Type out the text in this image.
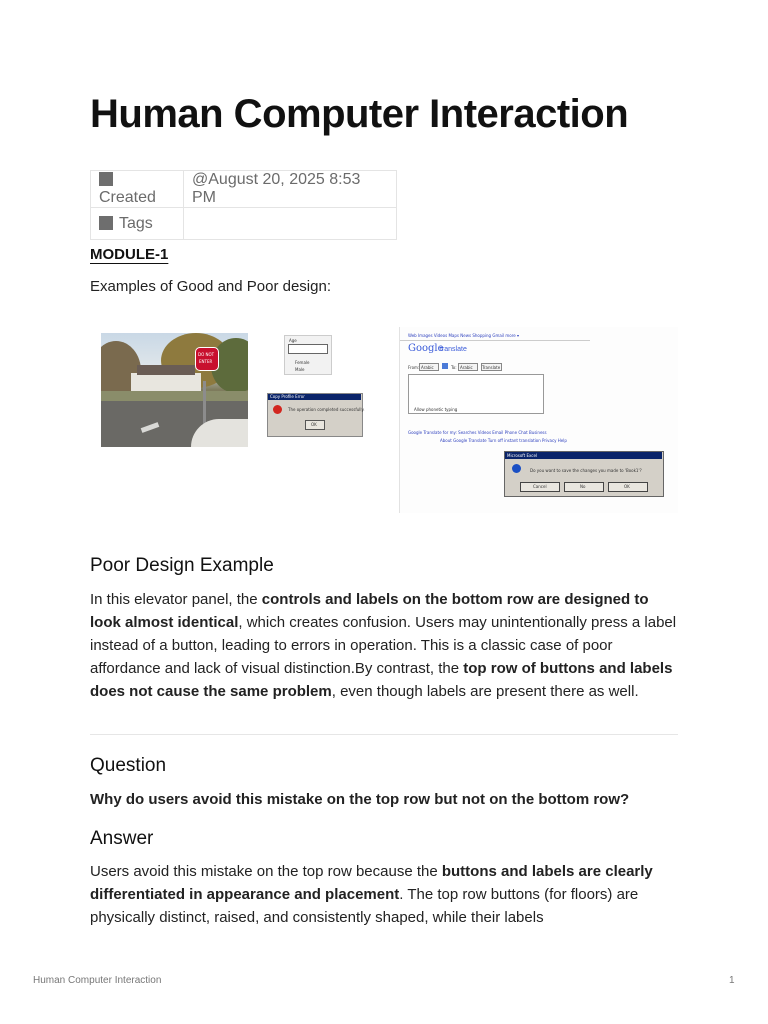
Human Computer Interaction
Created	@August 20, 2025 8:53 PM
Tags	
MODULE-1
Examples of Good and Poor design:
DO NOT
ENTER
Age
Female
Male
Copy Profile Error
The operation completed successfully.
OK
Web Images Videos Maps News Shopping Gmail more ▾
Google
translate
From: Arabic	To: Arabic Translate
Allow phonetic typing
Google Translate for my: Searches Videos Email Phone Chat Business
About Google Translate Turn off instant translation Privacy Help
Microsoft Excel
Do you want to save the changes you made to 'Book1'?
Cancel	No	OK
Poor Design Example

In this elevator panel, the controls and labels on the bottom row are designed to look almost identical, which creates confusion. Users may unintentionally press a label instead of a button, leading to errors in operation. This is a classic case of poor affordance and lack of visual distinction.By contrast, the top row of buttons and labels does not cause the same problem, even though labels are present there as well.

Question

Why do users avoid this mistake on the top row but not on the bottom row?

Answer

Users avoid this mistake on the top row because the buttons and labels are clearly differentiated in appearance and placement. The top row buttons (for floors) are physically distinct, raised, and consistently shaped, while their labels

Human Computer Interaction	1
